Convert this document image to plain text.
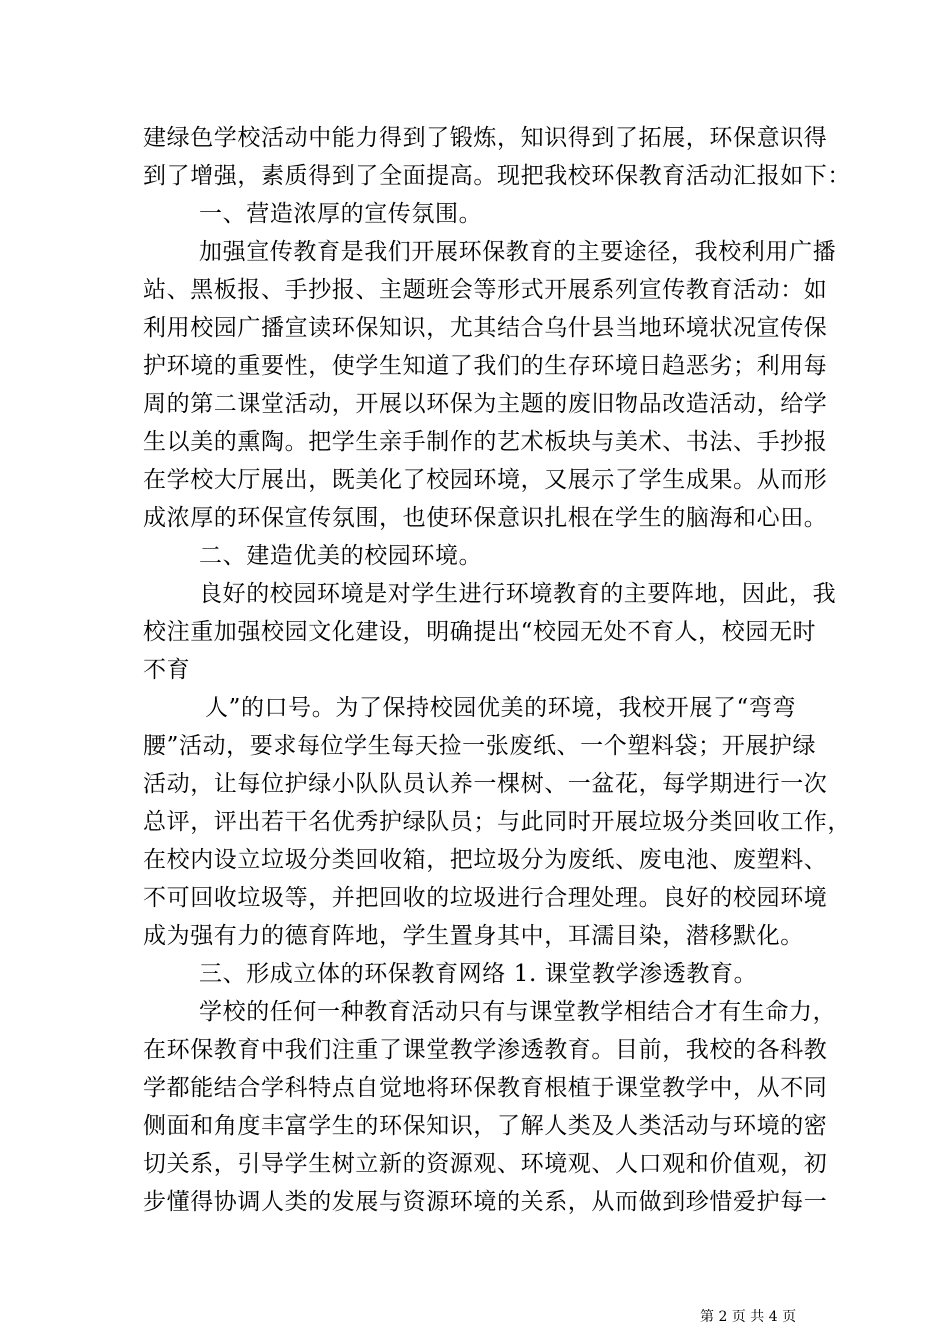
建绿色学校活动中能力得到了锻炼，知识得到了拓展，环保意识得
到了增强，素质得到了全面提高。现把我校环保教育活动汇报如下：
一、营造浓厚的宣传氛围。
加强宣传教育是我们开展环保教育的主要途径，我校利用广播
站、黑板报、手抄报、主题班会等形式开展系列宣传教育活动：如
利用校园广播宣读环保知识，尤其结合乌什县当地环境状况宣传保
护环境的重要性，使学生知道了我们的生存环境日趋恶劣；利用每
周的第二课堂活动，开展以环保为主题的废旧物品改造活动，给学
生以美的熏陶。把学生亲手制作的艺术板块与美术、书法、手抄报
在学校大厅展出，既美化了校园环境，又展示了学生成果。从而形
成浓厚的环保宣传氛围，也使环保意识扎根在学生的脑海和心田。
二、建造优美的校园环境。
良好的校园环境是对学生进行环境教育的主要阵地，因此，我
校注重加强校园文化建设，明确提出“校园无处不育人，校园无时
不育
人”的口号。为了保持校园优美的环境，我校开展了“弯弯
腰”活动，要求每位学生每天捡一张废纸、一个塑料袋；开展护绿
活动，让每位护绿小队队员认养一棵树、一盆花，每学期进行一次
总评，评出若干名优秀护绿队员；与此同时开展垃圾分类回收工作，
在校内设立垃圾分类回收箱，把垃圾分为废纸、废电池、废塑料、
不可回收垃圾等，并把回收的垃圾进行合理处理。良好的校园环境
成为强有力的德育阵地，学生置身其中，耳濡目染，潜移默化。
三、形成立体的环保教育网络 1. 课堂教学渗透教育。
学校的任何一种教育活动只有与课堂教学相结合才有生命力，
在环保教育中我们注重了课堂教学渗透教育。目前，我校的各科教
学都能结合学科特点自觉地将环保教育根植于课堂教学中，从不同
侧面和角度丰富学生的环保知识，了解人类及人类活动与环境的密
切关系，引导学生树立新的资源观、环境观、人口观和价值观，初
步懂得协调人类的发展与资源环境的关系，从而做到珍惜爱护每一
第 2 页 共 4 页
